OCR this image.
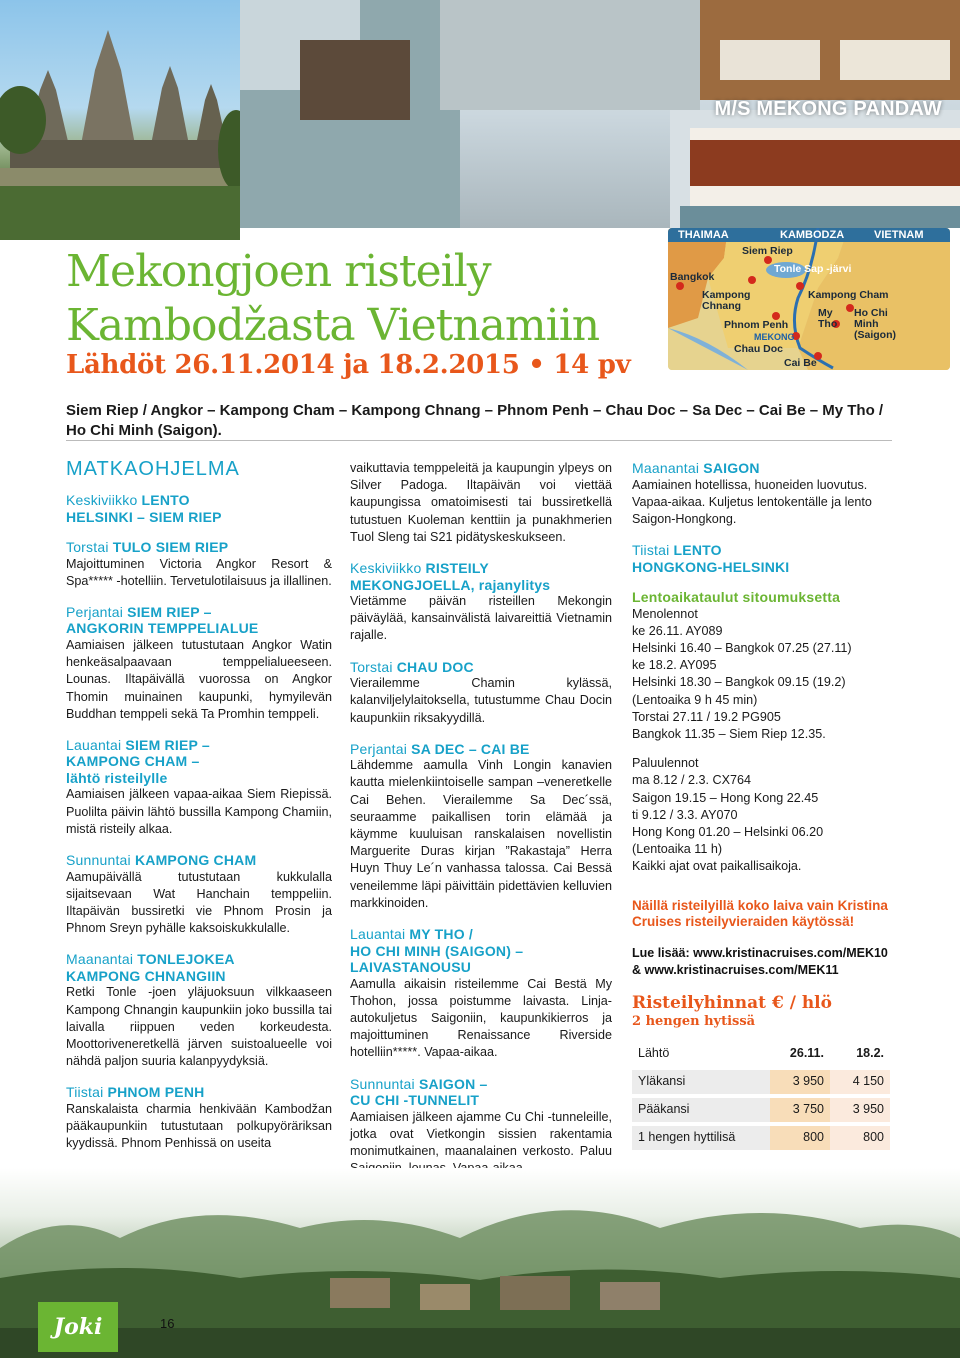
M/S MEKONG PANDAW
THAIMAA	KAMBODZA	VIETNAM
Bangkok
Siem Riep
Tonle Sap -järvi
Kampong Chnang
Kampong Cham
My Tho
Ho Chi Minh (Saigon)
Phnom Penh
MEKONG
Chau Doc
Cai Be
Mekongjoen risteily
Kambodžasta Vietnamiin
Lähdöt 26.11.2014 ja 18.2.2015 • 14 pv
Siem Riep / Angkor – Kampong Cham – Kampong Chnang – Phnom Penh – Chau Doc – Sa Dec – Cai Be – My Tho / Ho Chi Minh (Saigon).
MATKAOHJELMA
Keskiviikko LENTO
HELSINKI – SIEM RIEP
Torstai TULO SIEM RIEP
Majoittuminen Victoria Angkor Resort & Spa***** -hotelliin. Tervetulotilaisuus ja illallinen.
Perjantai SIEM RIEP –
ANGKORIN TEMPPELIALUE
Aamiaisen jälkeen tutustutaan Angkor Watin henkeäsalpaavaan temppelialueeseen. Lounas. Iltapäivällä vuorossa on Angkor Thomin muinainen kaupunki, hymyilevän Buddhan temppeli sekä Ta Promhin temppeli.
Lauantai SIEM RIEP –
KAMPONG CHAM –
lähtö risteilylle
Aamiaisen jälkeen vapaa-aikaa Siem Riepissä. Puolilta päivin lähtö bussilla Kampong Chamiin, mistä risteily alkaa.
Sunnuntai KAMPONG CHAM
Aamupäivällä tutustutaan kukkulalla sijaitsevaan Wat Hanchain temppeliin. Iltapäivän bussiretki vie Phnom Prosin ja Phnom Sreyn pyhälle kaksoiskukkulalle.
Maanantai TONLEJOKEA
KAMPONG CHNANGIIN
Retki Tonle -joen yläjuoksuun vilkkaaseen Kampong Chnangin kaupunkiin joko bussilla tai laivalla riippuen veden korkeudesta. Moottoriveneretkellä järven suistoalueelle voi nähdä paljon suuria kalanpyydyksiä.
Tiistai PHNOM PENH
Ranskalaista charmia henkivään Kambodžan pääkaupunkiin tutustutaan polkupyöräriksan kyydissä. Phnom Penhissä on useita
vaikuttavia temppeleitä ja kaupungin ylpeys on Silver Padoga. Iltapäivän voi viettää kaupungissa omatoimisesti tai bussiretkellä tutustuen Kuoleman kenttiin ja punakhmerien Tuol Sleng tai S21 pidätyskeskukseen.
Keskiviikko RISTEILY
MEKONGJOELLA, rajanylitys
Vietämme päivän risteillen Mekongin päiväylää, kansainvälistä laivareittiä Vietnamin rajalle.
Torstai CHAU DOC
Vierailemme Chamin kylässä, kalanviljelylaitoksella, tutustumme Chau Docin kaupunkiin riksakyydillä.
Perjantai SA DEC – CAI BE
Lähdemme aamulla Vinh Longin kanavien kautta mielenkiintoiselle sampan –veneretkelle Cai Behen. Vierailemme Sa Dec´ssä, seuraamme paikallisen torin elämää ja käymme kuuluisan ranskalaisen novellistin Marguerite Duras kirjan ”Rakastaja” Herra Huyn Thuy Le´n vanhassa talossa. Cai Bessä veneilemme läpi päivittäin pidettävien kelluvien markkinoiden.
Lauantai MY THO /
HO CHI MINH (SAIGON) –
LAIVASTANOUSU
Aamulla aikaisin risteilemme Cai Bestä My Thohon, jossa poistumme laivasta. Linja-autokuljetus Saigoniin, kaupunkikierros ja majoittuminen Renaissance Riverside hotelliin*****. Vapaa-aikaa.
Sunnuntai SAIGON –
CU CHI -TUNNELIT
Aamiaisen jälkeen ajamme Cu Chi -tunneleille, jotka ovat Vietkongin sissien rakentamia monimutkainen, maanalainen verkosto. Paluu
Maanantai SAIGON
Aamiainen hotellissa, huoneiden luovutus. Vapaa-aikaa. Kuljetus lentokentälle ja lento Saigon-Hongkong.
Tiistai LENTO
HONGKONG-HELSINKI
Lentoaikataulut sitoumuksetta
Menolennot
ke 26.11. AY089
Helsinki 16.40 – Bangkok 07.25 (27.11)
ke 18.2. AY095
Helsinki 18.30 – Bangkok 09.15 (19.2)
(Lentoaika 9 h 45 min)
Torstai 27.11 / 19.2 PG905
Bangkok 11.35 – Siem Riep 12.35.
Paluulennot
ma 8.12 / 2.3. CX764
Saigon 19.15 – Hong Kong 22.45
ti 9.12 / 3.3. AY070
Hong Kong 01.20 – Helsinki 06.20
(Lentoaika 11 h)
Kaikki ajat ovat paikallisaikoja.
Näillä risteilyillä koko laiva vain Kristina Cruises risteilyvieraiden käytössä!
Lue lisää: www.kristinacruises.com/MEK10
& www.kristinacruises.com/MEK11
Risteilyhinnat € / hlö
2 hengen hytissä
Lähtö	26.11.	18.2.
Yläkansi	3 950	4 150
Pääkansi	3 750	3 950
1 hengen hyttilisä	800	800
Joki	16
